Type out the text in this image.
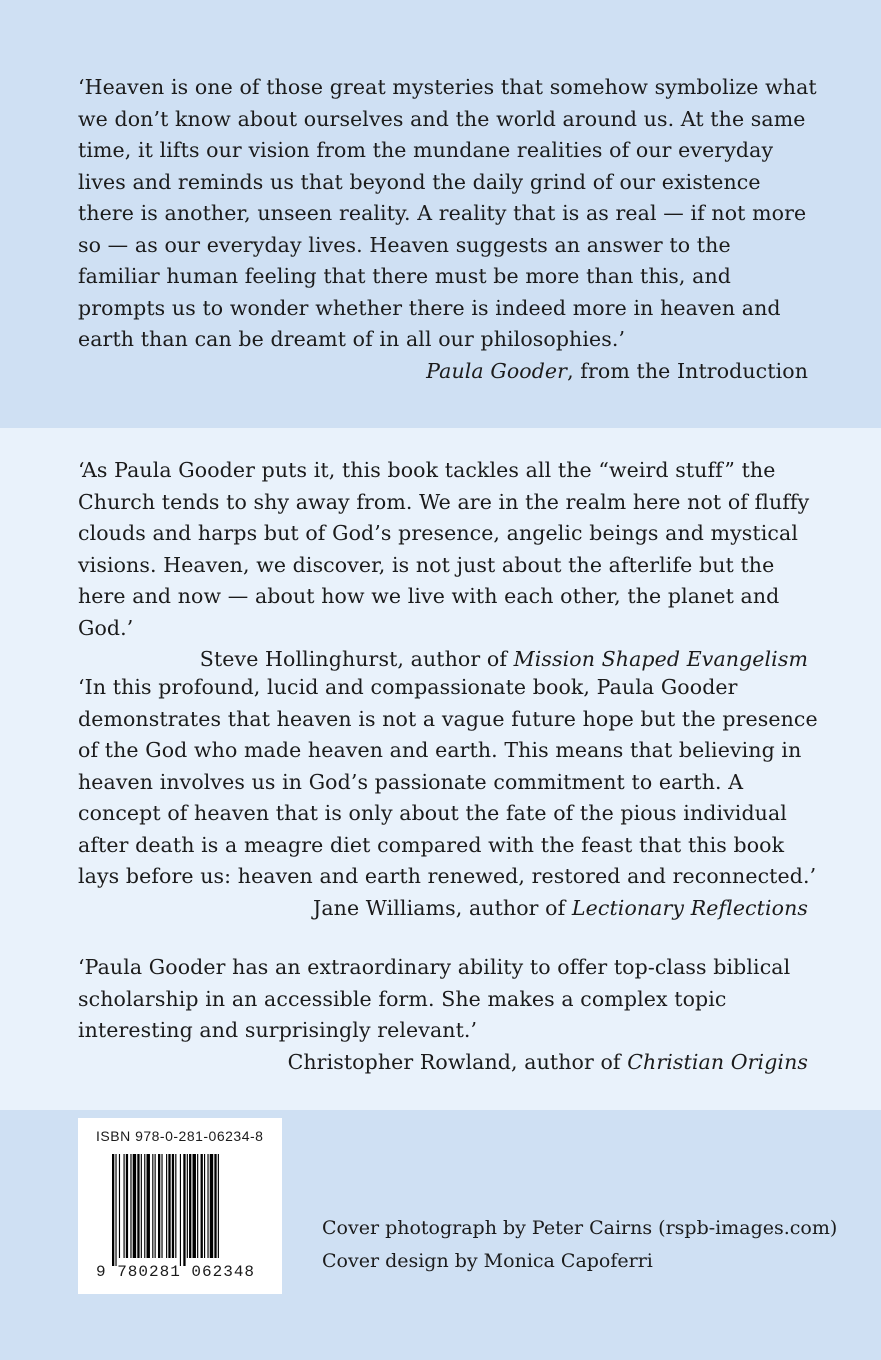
‘Heaven is one of those great mysteries that somehow symbolize what we don’t know about ourselves and the world around us. At the same time, it lifts our vision from the mundane realities of our everyday lives and reminds us that beyond the daily grind of our existence there is another, unseen reality. A reality that is as real — if not more so — as our everyday lives. Heaven suggests an answer to the familiar human feeling that there must be more than this, and prompts us to wonder whether there is indeed more in heaven and earth than can be dreamt of in all our philosophies.’

Paula Gooder, from the Introduction

‘As Paula Gooder puts it, this book tackles all the “weird stuff” the Church tends to shy away from. We are in the realm here not of fluffy clouds and harps but of God’s presence, angelic beings and mystical visions. Heaven, we discover, is not just about the afterlife but the here and now — about how we live with each other, the planet and God.’

Steve Hollinghurst, author of Mission Shaped Evangelism

‘In this profound, lucid and compassionate book, Paula Gooder demonstrates that heaven is not a vague future hope but the presence of the God who made heaven and earth. This means that believing in heaven involves us in God’s passionate commitment to earth. A concept of heaven that is only about the fate of the pious individual after death is a meagre diet compared with the feast that this book lays before us: heaven and earth renewed, restored and reconnected.’

Jane Williams, author of Lectionary Reflections

‘Paula Gooder has an extraordinary ability to offer top-class biblical scholarship in an accessible form. She makes a complex topic interesting and surprisingly relevant.’

Christopher Rowland, author of Christian Origins

ISBN 978-0-281-06234-8
9 780281 062348

Cover photograph by Peter Cairns (rspb-images.com)

Cover design by Monica Capoferri
